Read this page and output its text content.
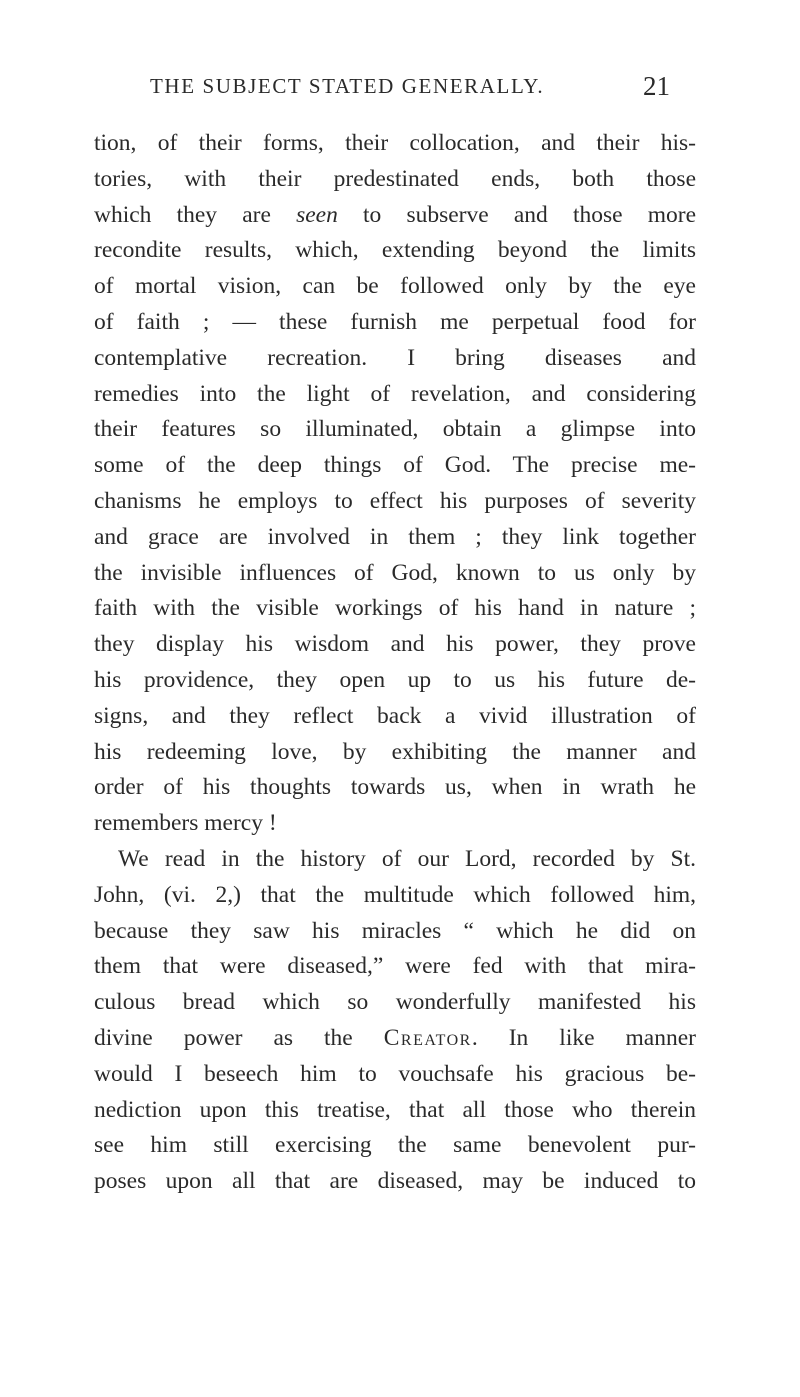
THE SUBJECT STATED GENERALLY.	21
tion, of their forms, their collocation, and their his-
tories, with their predestinated ends, both those
which they are seen to subserve and those more
recondite results, which, extending beyond the limits
of mortal vision, can be followed only by the eye
of faith ; — these furnish me perpetual food for
contemplative recreation. I bring diseases and
remedies into the light of revelation, and considering
their features so illuminated, obtain a glimpse into
some of the deep things of God. The precise me-
chanisms he employs to effect his purposes of severity
and grace are involved in them ; they link together
the invisible influences of God, known to us only by
faith with the visible workings of his hand in nature ;
they display his wisdom and his power, they prove
his providence, they open up to us his future de-
signs, and they reflect back a vivid illustration of
his redeeming love, by exhibiting the manner and
order of his thoughts towards us, when in wrath he
remembers mercy !
We read in the history of our Lord, recorded by St.
John, (vi. 2,) that the multitude which followed him,
because they saw his miracles “ which he did on
them that were diseased,” were fed with that mira-
culous bread which so wonderfully manifested his
divine power as the Creator. In like manner
would I beseech him to vouchsafe his gracious be-
nediction upon this treatise, that all those who therein
see him still exercising the same benevolent pur-
poses upon all that are diseased, may be induced to
